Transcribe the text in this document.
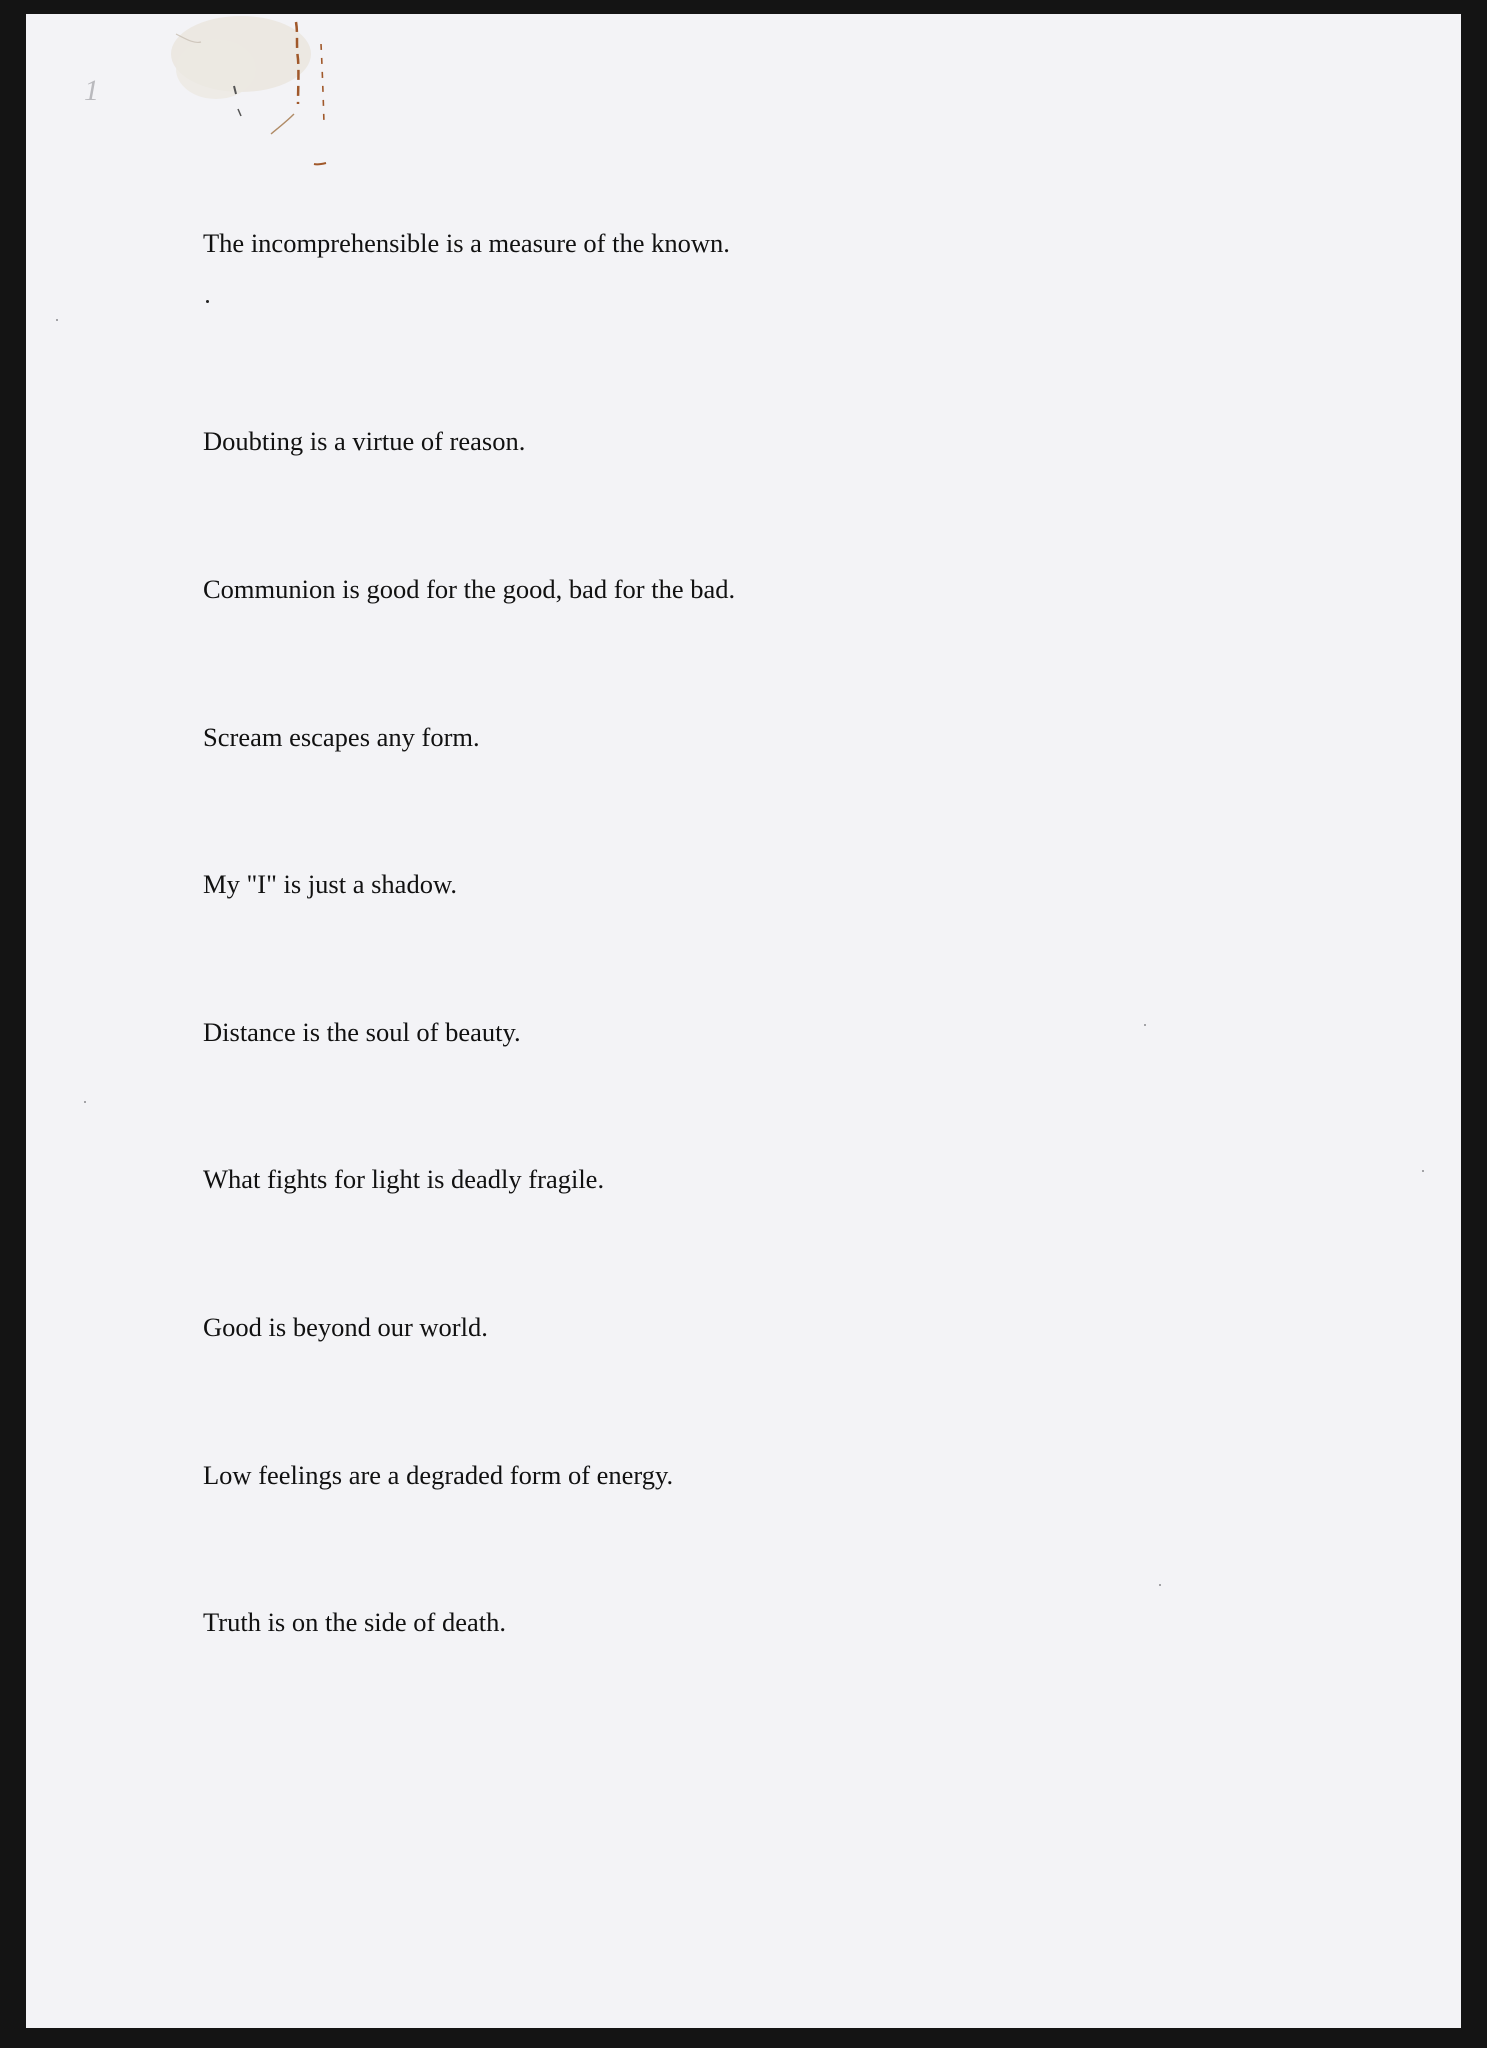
1

The incomprehensible is a measure of the known.

Doubting is a virtue of reason.

Communion is good for the good, bad for the bad.

Scream escapes any form.

My "I" is just a shadow.

Distance is the soul of beauty.

What fights for light is deadly fragile.

Good is beyond our world.

Low feelings are a degraded form of energy.

Truth is on the side of death.
